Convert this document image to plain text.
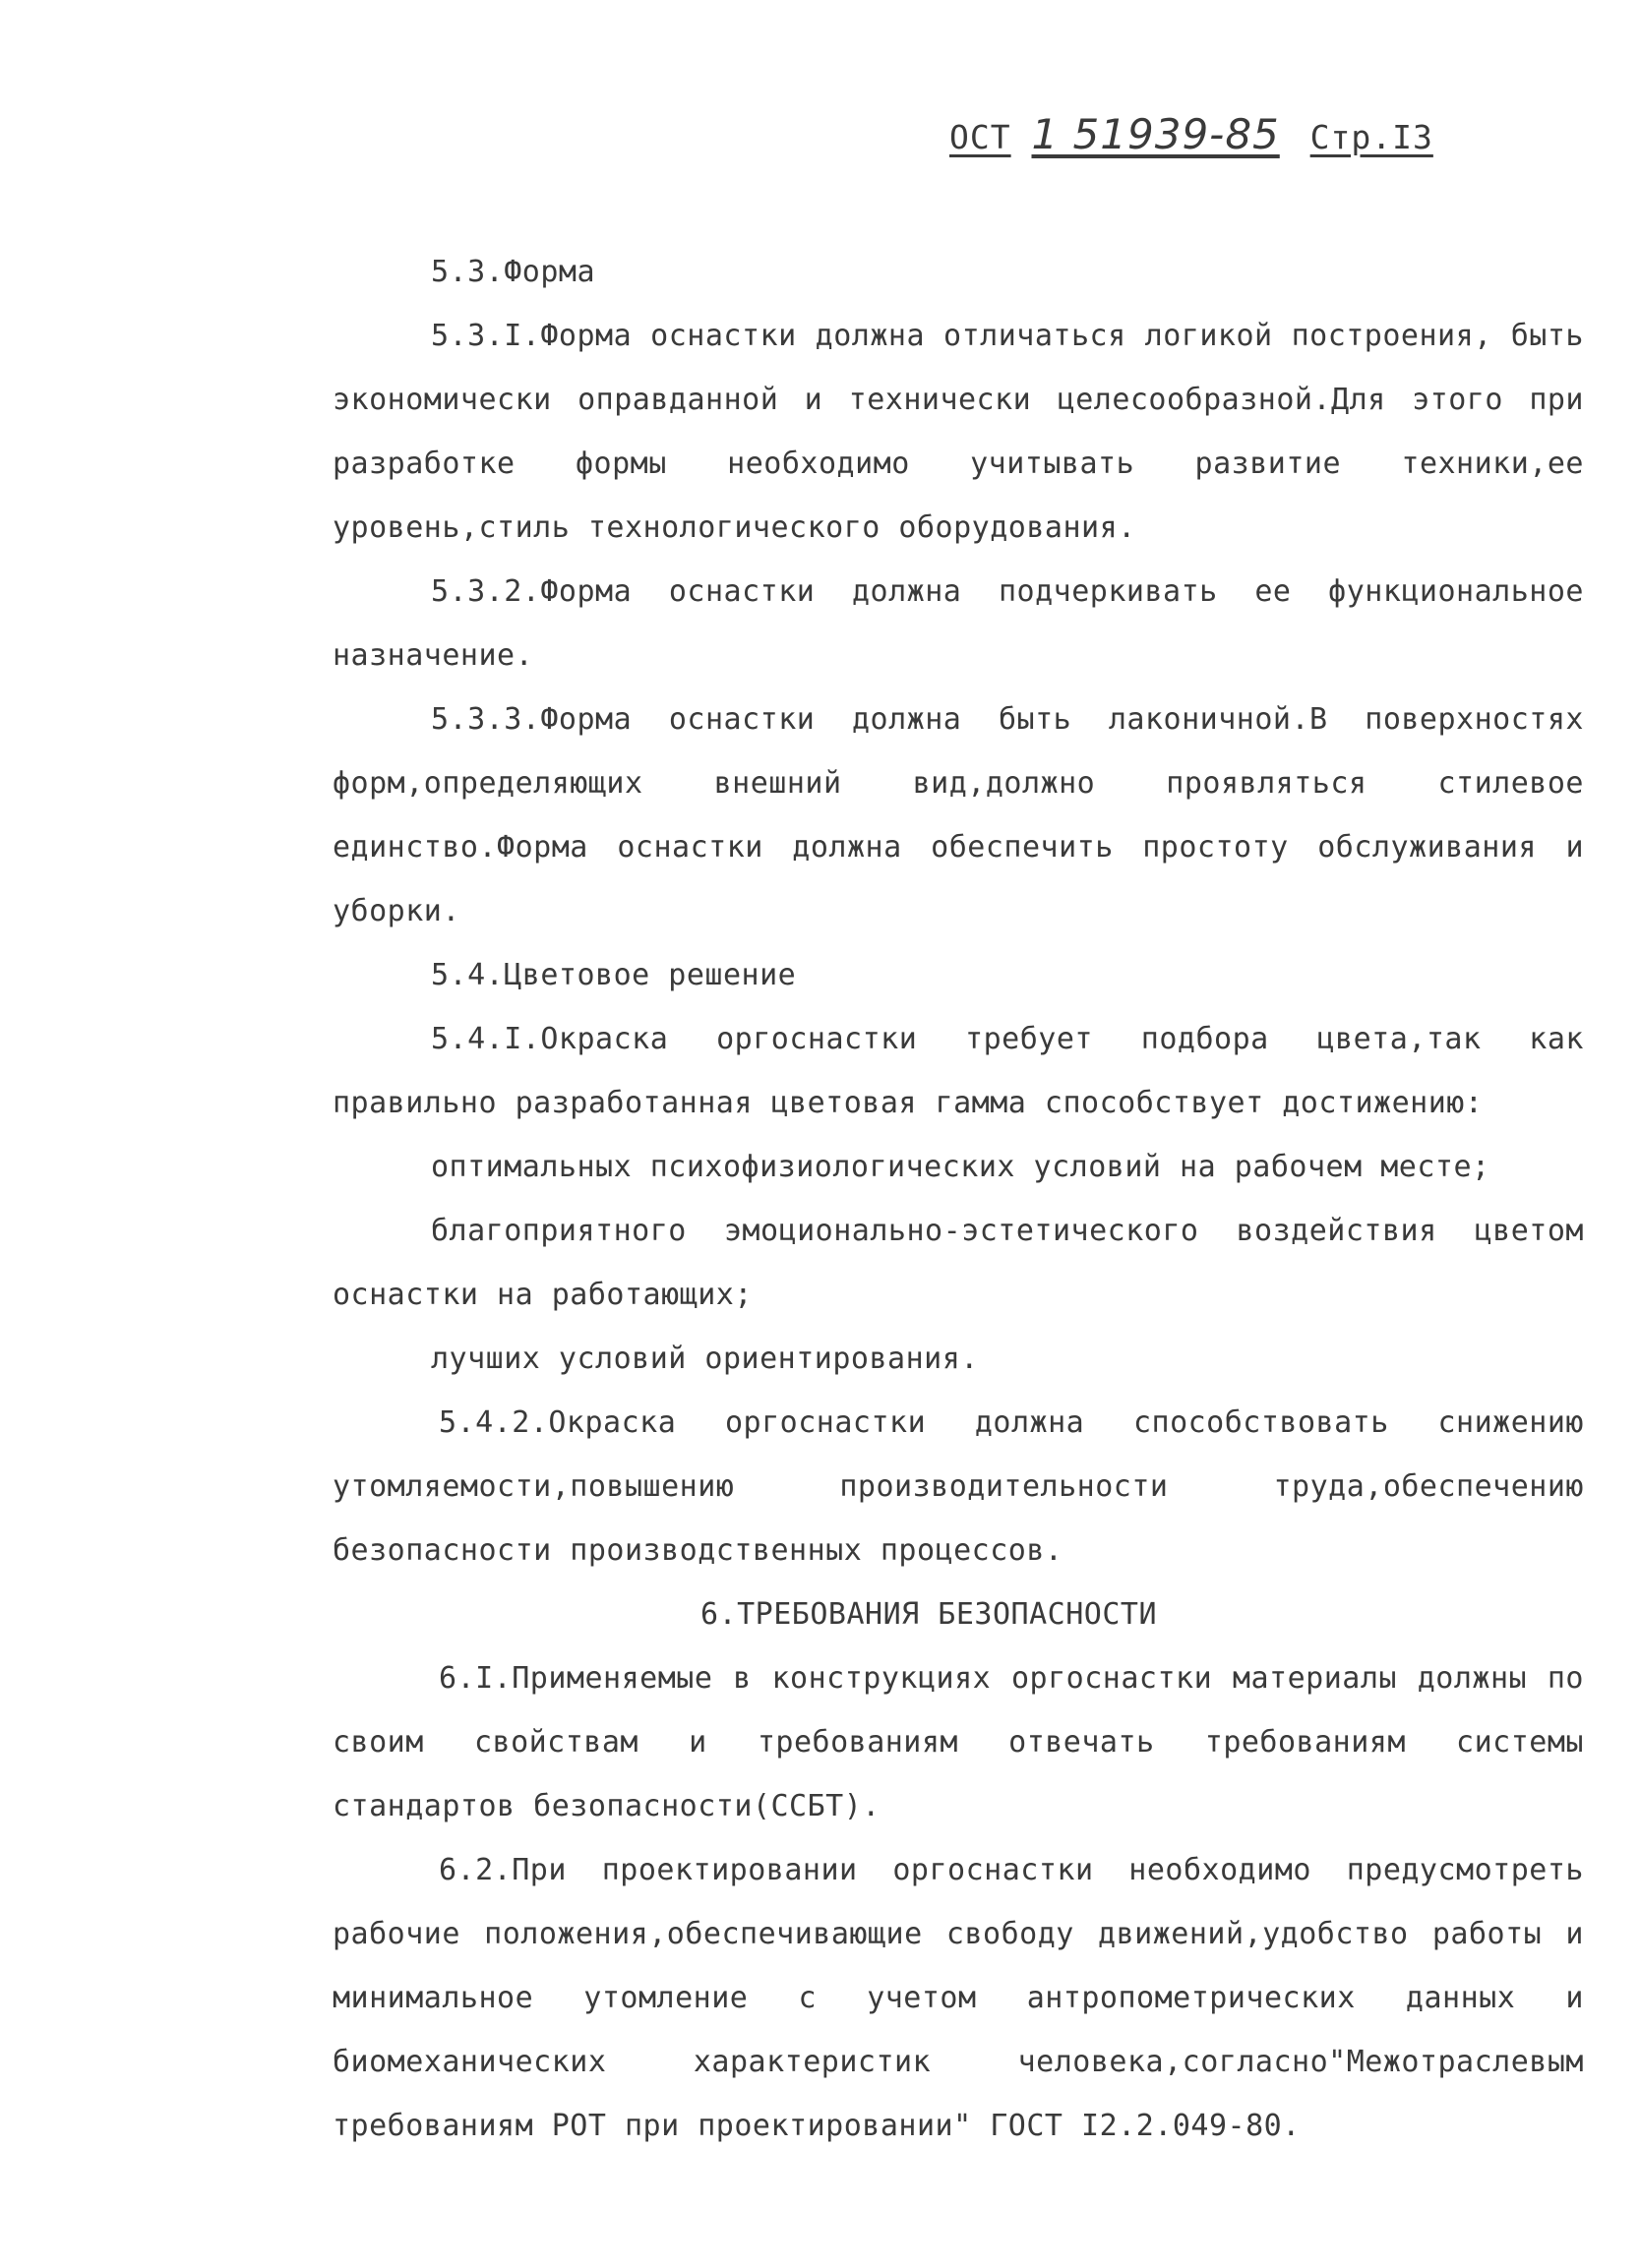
ОСТ 1 51939-85 Стр.I3

5.3.Форма

5.3.I.Форма оснастки должна отличаться логикой построения, быть экономически оправданной и технически целесообразной.Для этого при разработке формы необходимо учитывать развитие техники,ее уровень,стиль технологического оборудования.

5.3.2.Форма оснастки должна подчеркивать ее функциональное назначение.

5.3.3.Форма оснастки должна быть лаконичной.В поверхностях форм,определяющих внешний вид,должно проявляться стилевое единство.Форма оснастки должна обеспечить простоту обслуживания и уборки.

5.4.Цветовое решение

5.4.I.Окраска оргоснастки требует подбора цвета,так как правильно разработанная цветовая гамма способствует достижению:

оптимальных психофизиологических условий на рабочем месте;

благоприятного эмоционально-эстетического воздействия цветом оснастки на работающих;

лучших условий ориентирования.

5.4.2.Окраска оргоснастки должна способствовать снижению утомляемости,повышению производительности труда,обеспечению безопасности производственных процессов.

6.ТРЕБОВАНИЯ БЕЗОПАСНОСТИ

6.I.Применяемые в конструкциях оргоснастки материалы должны по своим свойствам и требованиям отвечать требованиям системы стандартов безопасности(ССБТ).

6.2.При проектировании оргоснастки необходимо предусмотреть рабочие положения,обеспечивающие свободу движений,удобство работы и минимальное утомление с учетом антропометрических данных и биомеханических характеристик человека,согласно"Межотраслевым требованиям РОТ при проектировании" ГОСТ I2.2.049-80.
